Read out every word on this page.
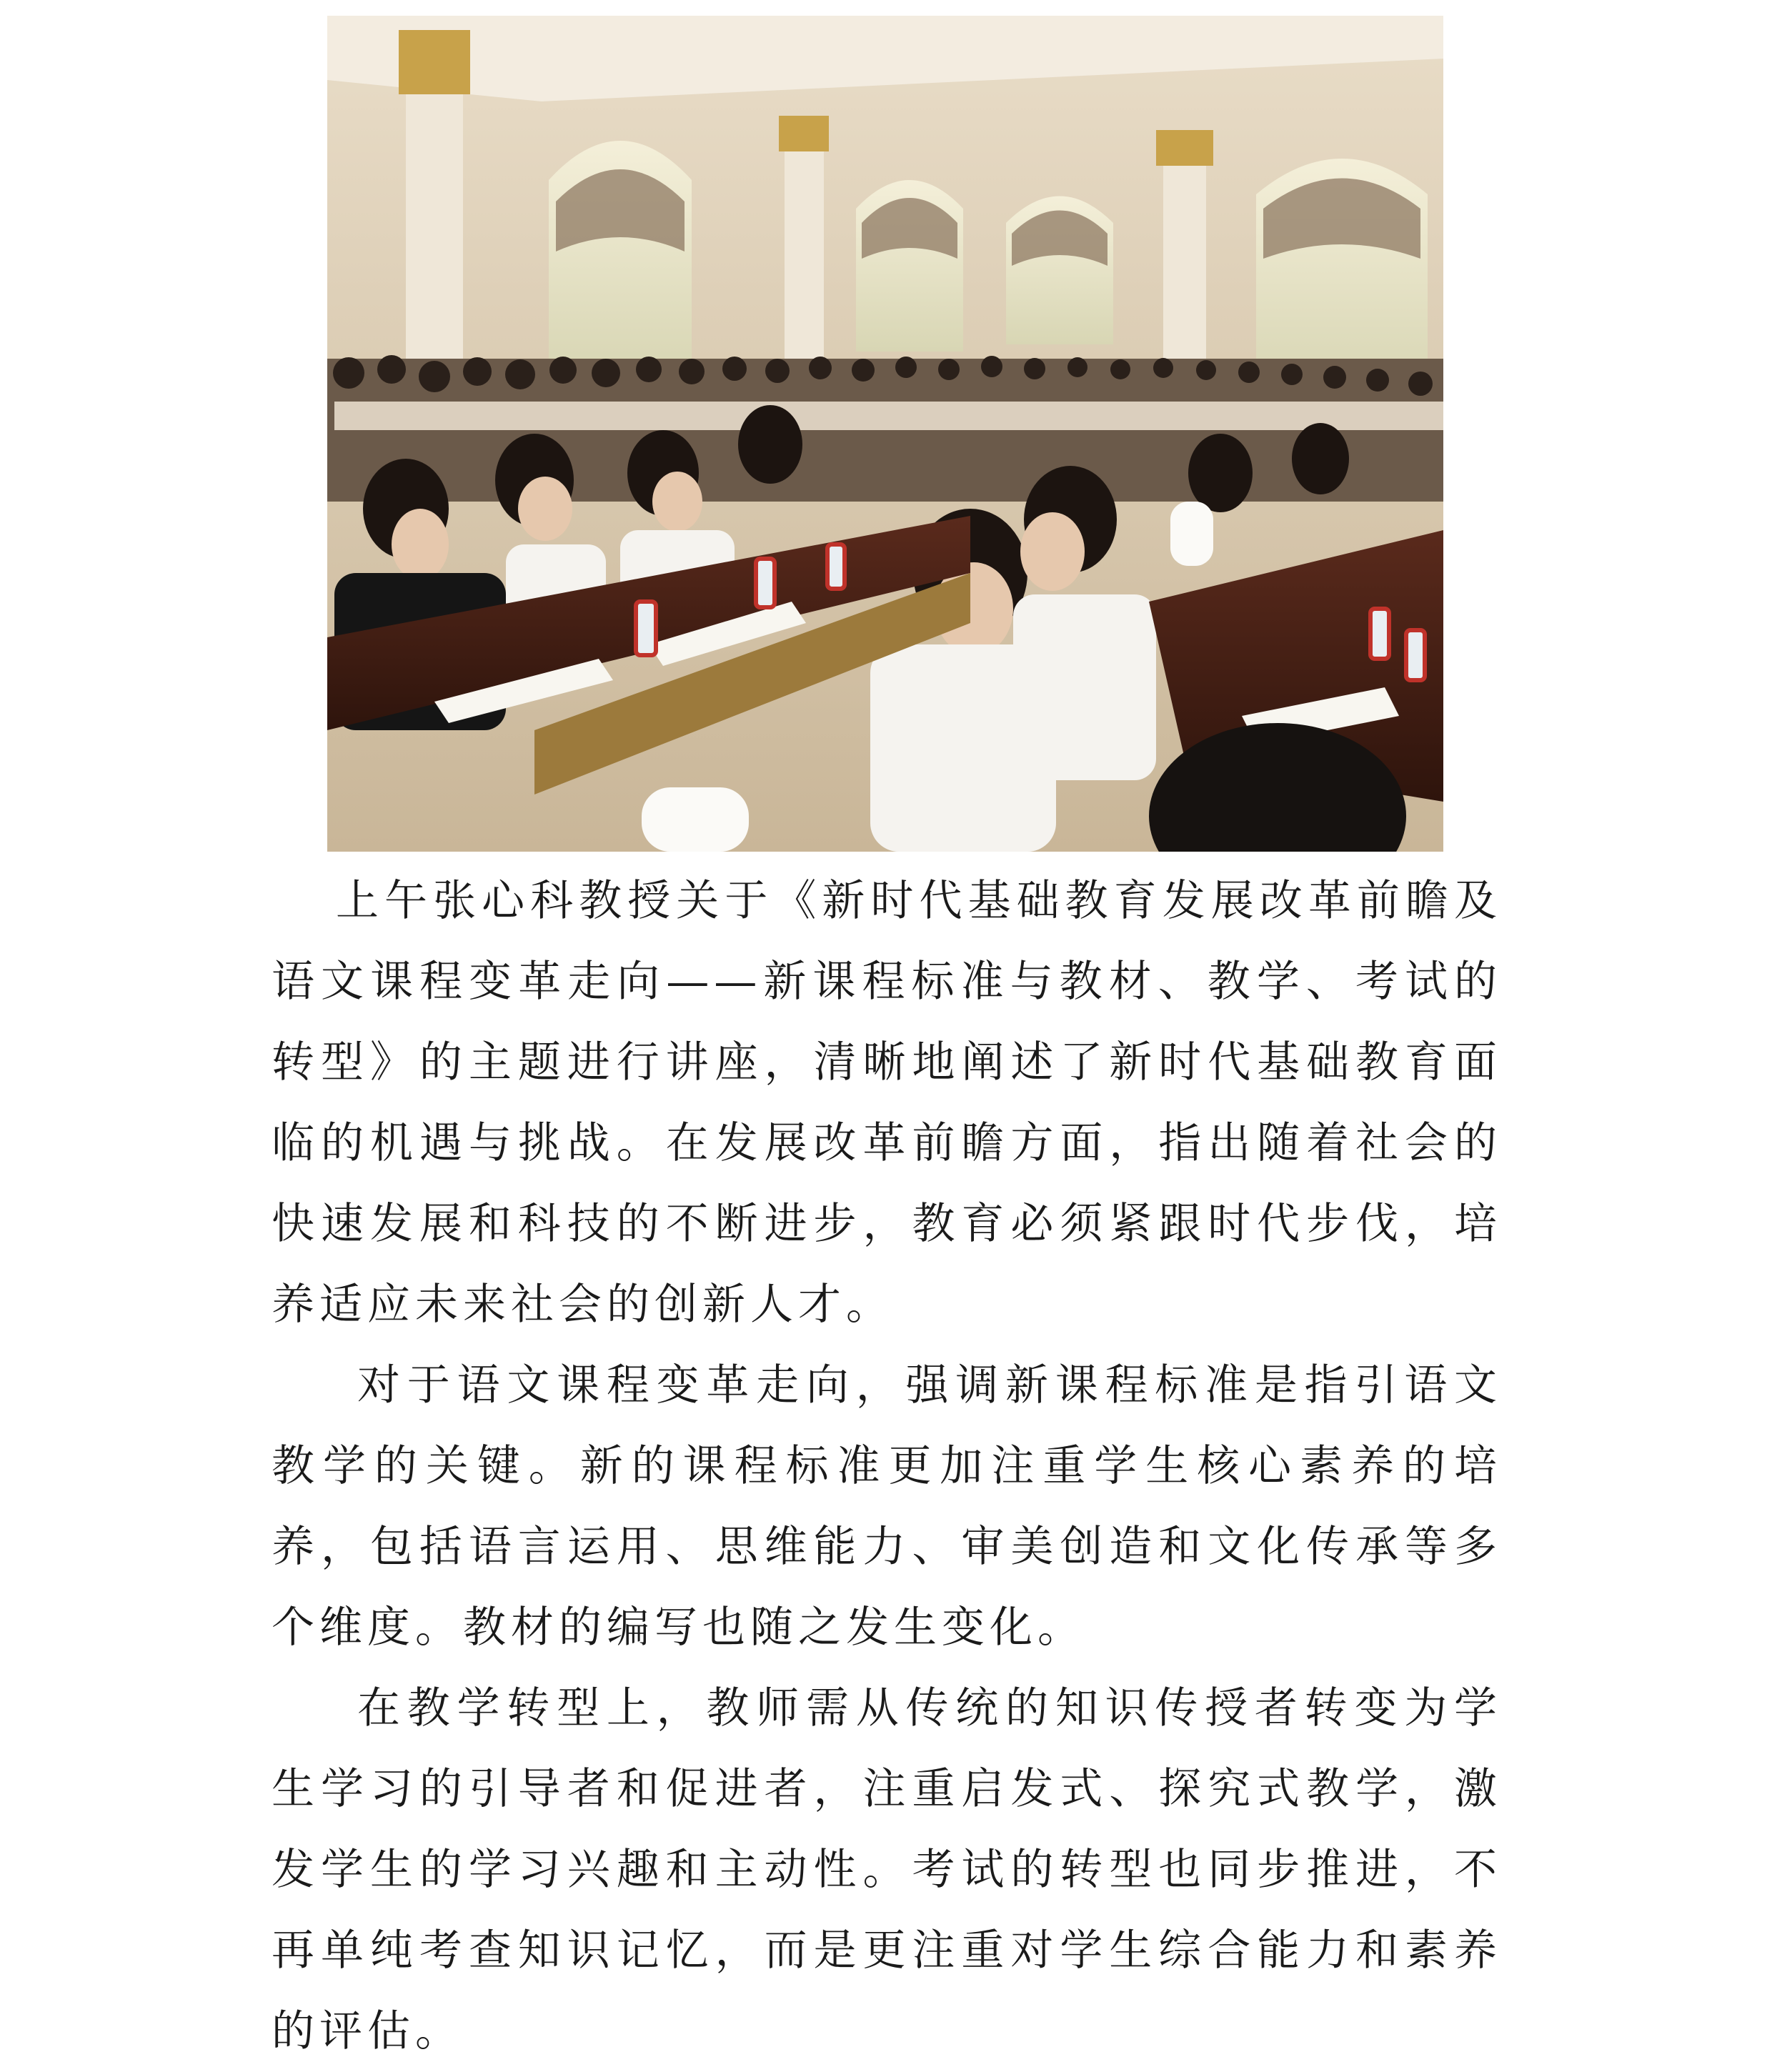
上午张心科教授关于《新时代基础教育发展改革前瞻及语文课程变革走向——新课程标准与教材、教学、考试的转型》的主题进行讲座，清晰地阐述了新时代基础教育面临的机遇与挑战。在发展改革前瞻方面，指出随着社会的快速发展和科技的不断进步，教育必须紧跟时代步伐，培养适应未来社会的创新人才。

对于语文课程变革走向，强调新课程标准是指引语文教学的关键。新的课程标准更加注重学生核心素养的培养，包括语言运用、思维能力、审美创造和文化传承等多个维度。教材的编写也随之发生变化。

在教学转型上，教师需从传统的知识传授者转变为学生学习的引导者和促进者，注重启发式、探究式教学，激发学生的学习兴趣和主动性。考试的转型也同步推进，不再单纯考查知识记忆，而是更注重对学生综合能力和素养的评估。
